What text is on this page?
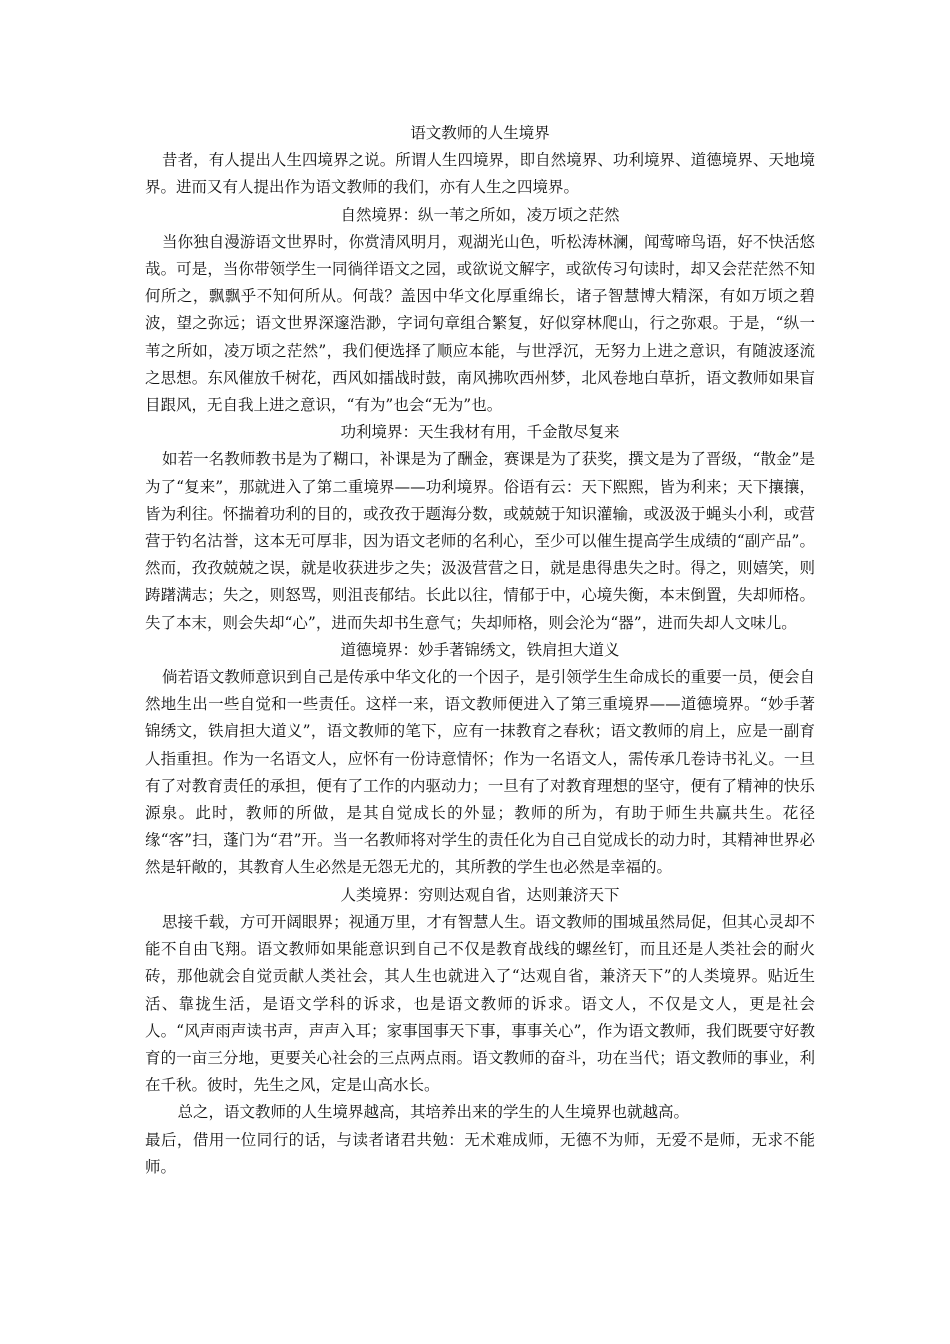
语文教师的人生境界

昔者，有人提出人生四境界之说。所谓人生四境界，即自然境界、功利境界、道德境界、天地境界。进而又有人提出作为语文教师的我们，亦有人生之四境界。

自然境界：纵一苇之所如，凌万顷之茫然

当你独自漫游语文世界时，你赏清风明月，观湖光山色，听松涛林澜，闻莺啼鸟语，好不快活悠哉。可是，当你带领学生一同徜徉语文之园，或欲说文解字，或欲传习句读时，却又会茫茫然不知何所之，飘飘乎不知何所从。何哉？盖因中华文化厚重绵长，诸子智慧博大精深，有如万顷之碧波，望之弥远；语文世界深邃浩渺，字词句章组合繁复，好似穿林爬山，行之弥艰。于是，“纵一苇之所如，凌万顷之茫然”，我们便选择了顺应本能，与世浮沉，无努力上进之意识，有随波逐流之思想。东风催放千树花，西风如擂战时鼓，南风拂吹西州梦，北风卷地白草折，语文教师如果盲目跟风，无自我上进之意识，“有为”也会“无为”也。

功利境界：天生我材有用，千金散尽复来

如若一名教师教书是为了糊口，补课是为了酬金，赛课是为了获奖，撰文是为了晋级，“散金”是为了“复来”，那就进入了第二重境界——功利境界。俗语有云：天下熙熙，皆为利来；天下攘攘，皆为利往。怀揣着功利的目的，或孜孜于题海分数，或兢兢于知识灌输，或汲汲于蝇头小利，或营营于钓名沽誉，这本无可厚非，因为语文老师的名利心，至少可以催生提高学生成绩的“副产品”。然而，孜孜兢兢之误，就是收获进步之失；汲汲营营之日，就是患得患失之时。得之，则嬉笑，则踌躇满志；失之，则怒骂，则沮丧郁结。长此以往，情郁于中，心境失衡，本末倒置，失却师格。失了本末，则会失却“心”，进而失却书生意气；失却师格，则会沦为“器”，进而失却人文味儿。

道德境界：妙手著锦绣文，铁肩担大道义

倘若语文教师意识到自己是传承中华文化的一个因子，是引领学生生命成长的重要一员，便会自然地生出一些自觉和一些责任。这样一来，语文教师便进入了第三重境界——道德境界。“妙手著锦绣文，铁肩担大道义”，语文教师的笔下，应有一抹教育之春秋；语文教师的肩上，应是一副育人指重担。作为一名语文人，应怀有一份诗意情怀；作为一名语文人，需传承几卷诗书礼义。一旦有了对教育责任的承担，便有了工作的内驱动力；一旦有了对教育理想的坚守，便有了精神的快乐源泉。此时，教师的所做，是其自觉成长的外显；教师的所为，有助于师生共赢共生。花径缘“客”扫，蓬门为“君”开。当一名教师将对学生的责任化为自己自觉成长的动力时，其精神世界必然是轩敞的，其教育人生必然是无怨无尤的，其所教的学生也必然是幸福的。

人类境界：穷则达观自省，达则兼济天下

思接千载，方可开阔眼界；视通万里，才有智慧人生。语文教师的围城虽然局促，但其心灵却不能不自由飞翔。语文教师如果能意识到自己不仅是教育战线的螺丝钉，而且还是人类社会的耐火砖，那他就会自觉贡献人类社会，其人生也就进入了“达观自省，兼济天下”的人类境界。贴近生活、靠拢生活，是语文学科的诉求，也是语文教师的诉求。语文人，不仅是文人，更是社会人。“风声雨声读书声，声声入耳；家事国事天下事，事事关心”，作为语文教师，我们既要守好教育的一亩三分地，更要关心社会的三点两点雨。语文教师的奋斗，功在当代；语文教师的事业，利在千秋。彼时，先生之风，定是山高水长。

总之，语文教师的人生境界越高，其培养出来的学生的人生境界也就越高。

最后，借用一位同行的话，与读者诸君共勉：无术难成师，无德不为师，无爱不是师，无求不能师。
